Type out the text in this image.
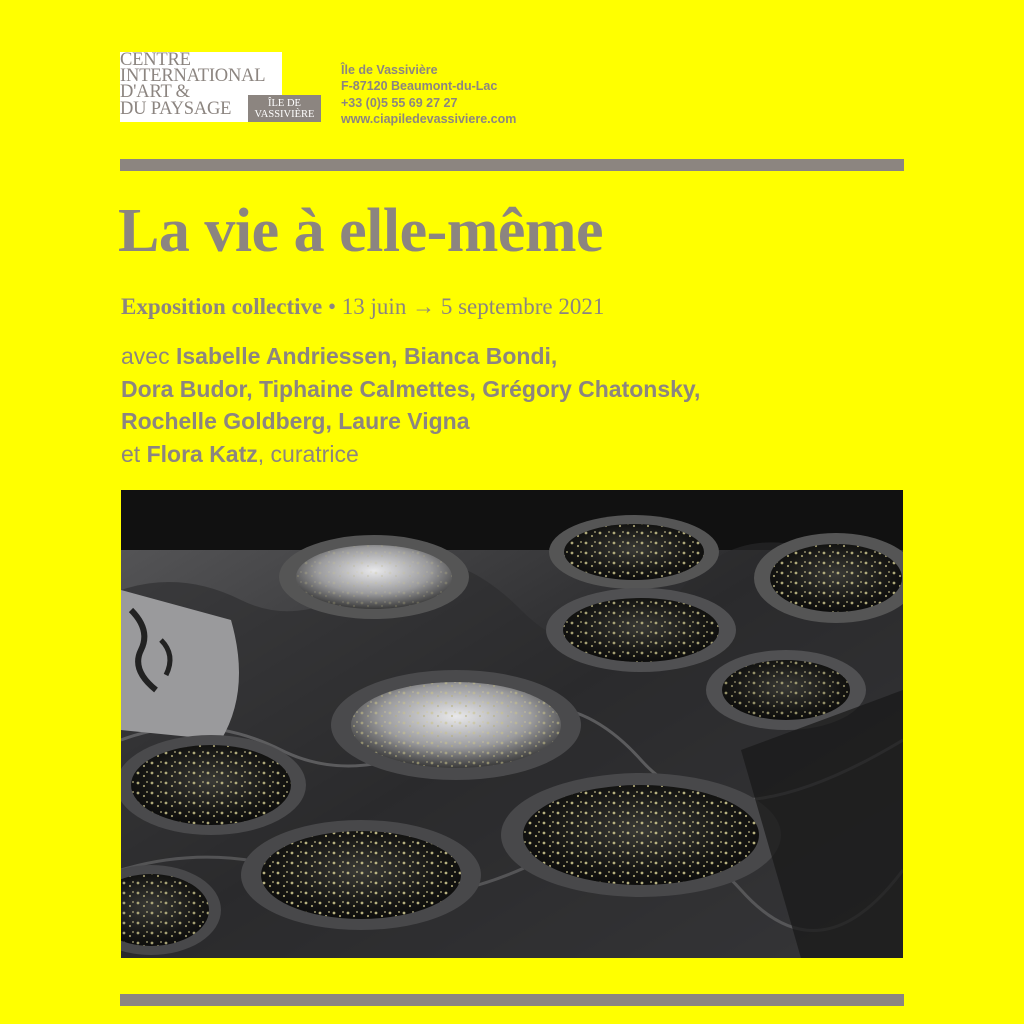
CENTRE
INTERNATIONAL
D'ART &
DU PAYSAGE	ÎLE DE
VASSIVIÈRE
Île de Vassivière
F-87120 Beaumont-du-Lac
+33 (0)5 55 69 27 27
www.ciapiledevassiviere.com
La vie à elle-même
Exposition collective • 13 juin → 5 septembre 2021
avec Isabelle Andriessen, Bianca Bondi,
Dora Budor, Tiphaine Calmettes, Grégory Chatonsky,
Rochelle Goldberg, Laure Vigna
et Flora Katz, curatrice
